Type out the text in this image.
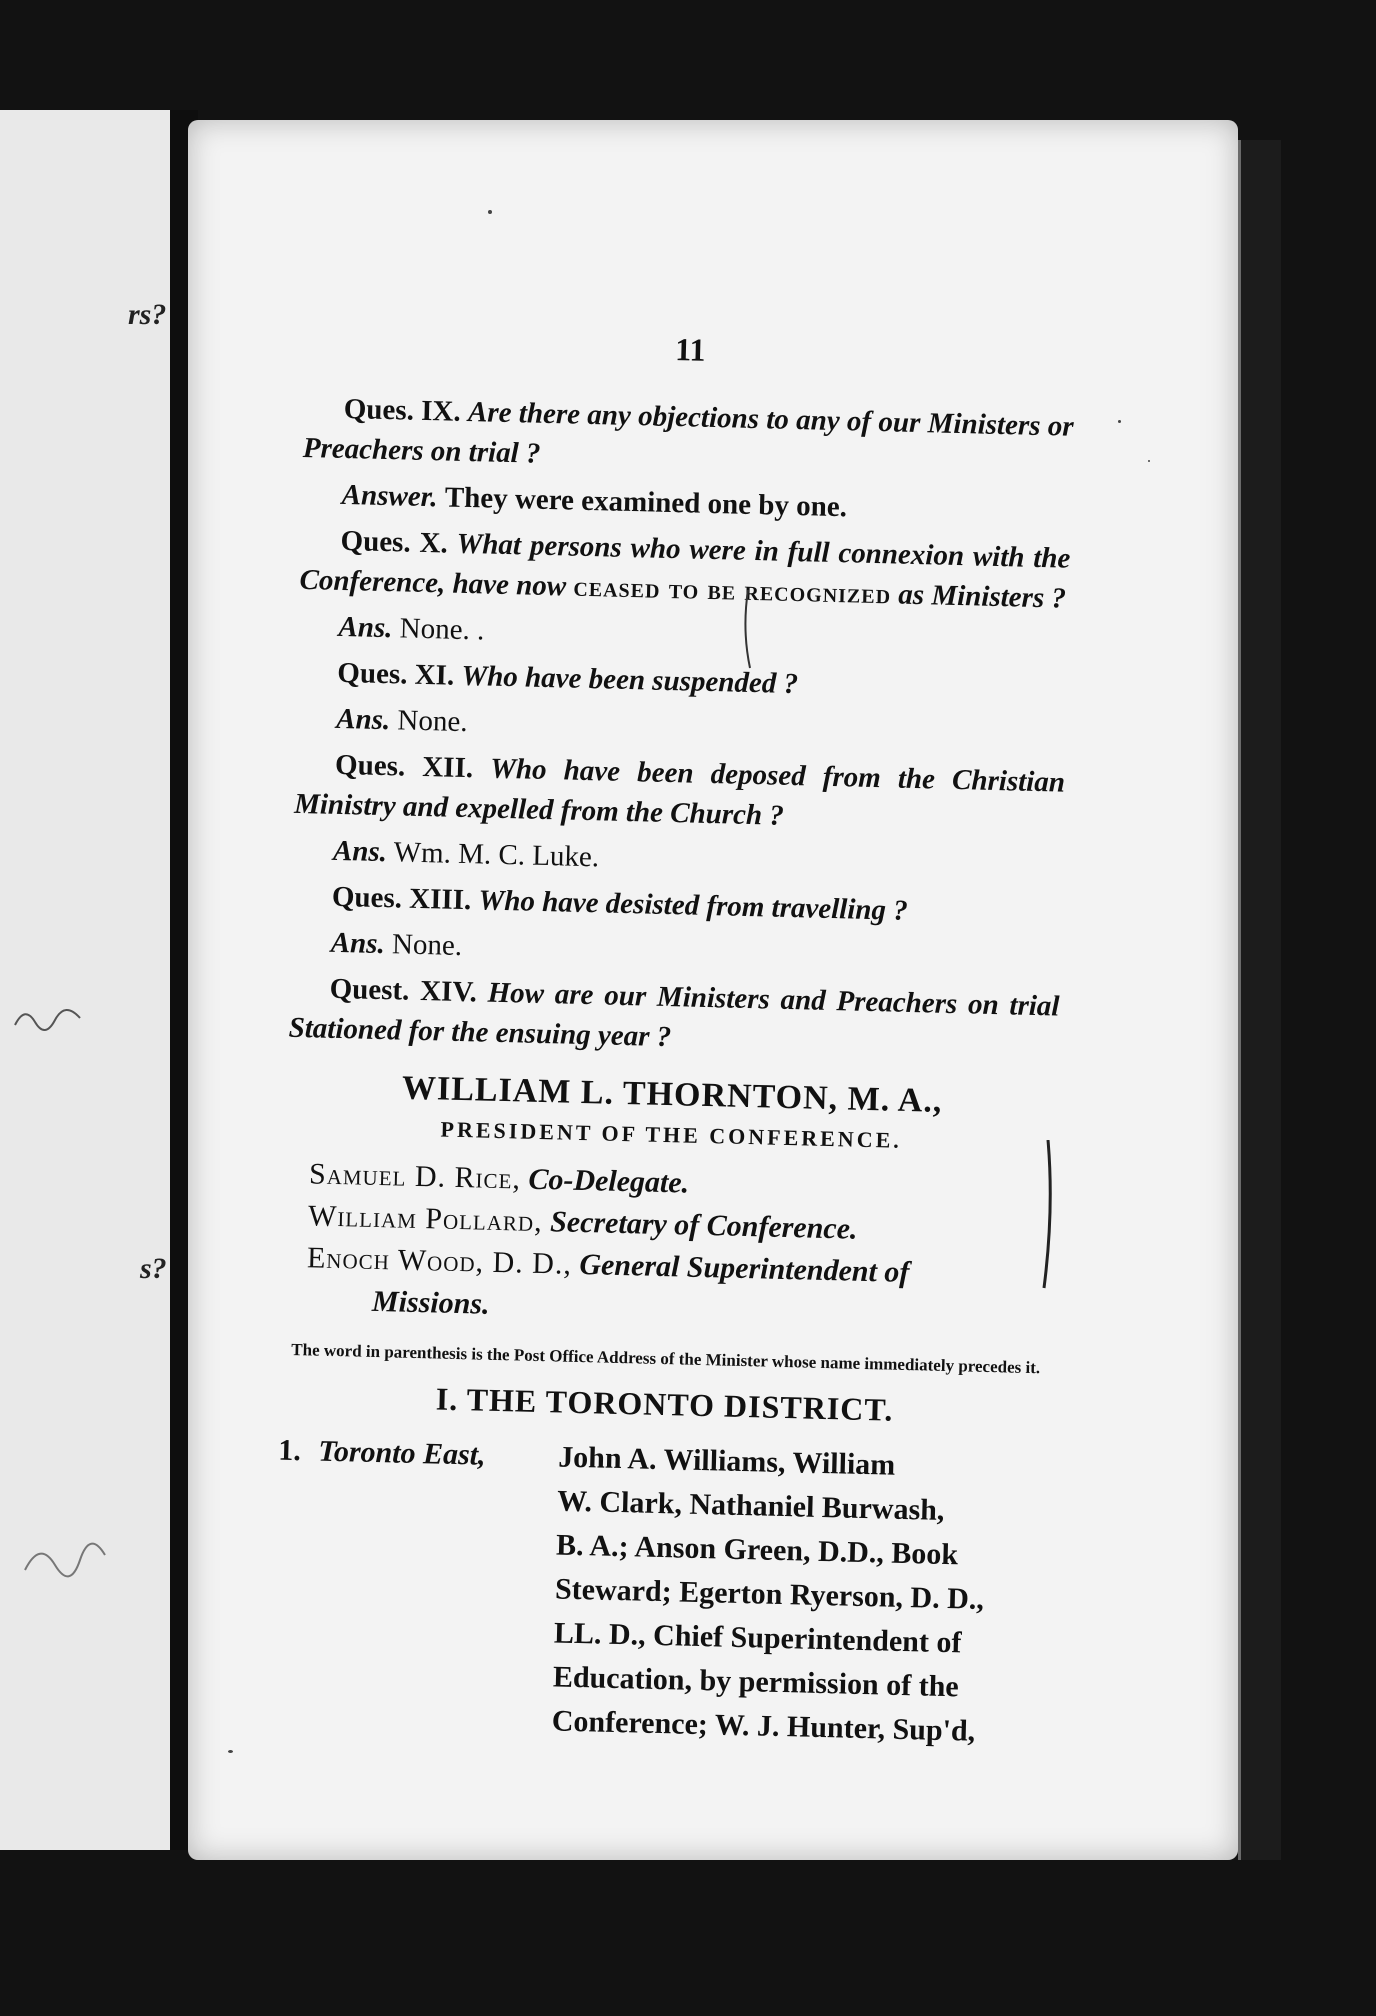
rs?
s?
11

Ques. IX. Are there any objections to any of our Ministers or Preachers on trial ?

Answer. They were examined one by one.

Ques. X. What persons who were in full connexion with the Conference, have now ceased to be recognized as Ministers ?

Ans. None. .

Ques. XI. Who have been suspended ?

Ans. None.

Ques. XII. Who have been deposed from the Christian Ministry and expelled from the Church ?

Ans. Wm. M. C. Luke.

Ques. XIII. Who have desisted from travelling ?

Ans. None.

Quest. XIV. How are our Ministers and Preachers on trial Stationed for the ensuing year ?

WILLIAM L. THORNTON, M. A.,
PRESIDENT OF THE CONFERENCE.
Samuel D. Rice, Co-Delegate.
William Pollard, Secretary of Conference.
Enoch Wood, D. D., General Superintendent of
Missions.
The word in parenthesis is the Post Office Address of the Minister whose name immediately precedes it.
I. THE TORONTO DISTRICT.
1. Toronto East,	John A. Williams, William
W. Clark, Nathaniel Burwash,
B. A.; Anson Green, D.D., Book
Steward; Egerton Ryerson, D. D.,
LL. D., Chief Superintendent of
Education, by permission of the
Conference; W. J. Hunter, Sup'd,
